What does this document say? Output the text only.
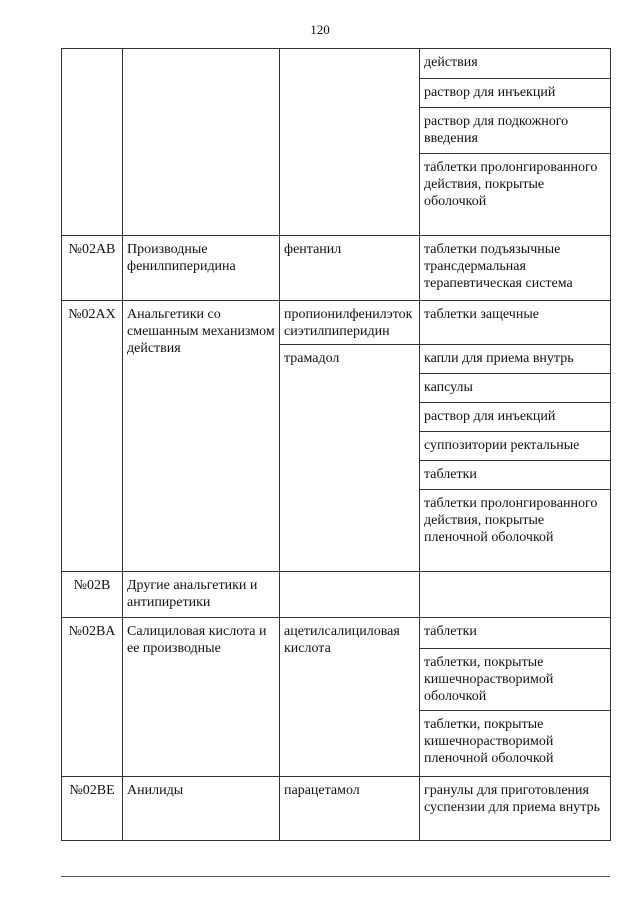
120
			действия
			раствор для инъекций
			раствор для подкожного введения
			таблетки пролонгированного действия, покрытые оболочкой
№02AB	Производные фенилпиперидина	фентанил	таблетки подъязычные трансдермальная терапевтическая система
№02AX	Анальгетики со смешанным механизмом действия	пропионилфенилэтоксиэтилпиперидин	таблетки защечные
		трамадол	капли для приема внутрь
			капсулы
			раствор для инъекций
			суппозитории ректальные
			таблетки
			таблетки пролонгированного действия, покрытые пленочной оболочкой
№02B	Другие анальгетики и антипиретики		
№02BA	Салициловая кислота и ее производные	ацетилсалициловая кислота	таблетки
			таблетки, покрытые кишечнорастворимой оболочкой
			таблетки, покрытые кишечнорастворимой пленочной оболочкой
№02BE	Анилиды	парацетамол	гранулы для приготовления суспензии для приема внутрь
